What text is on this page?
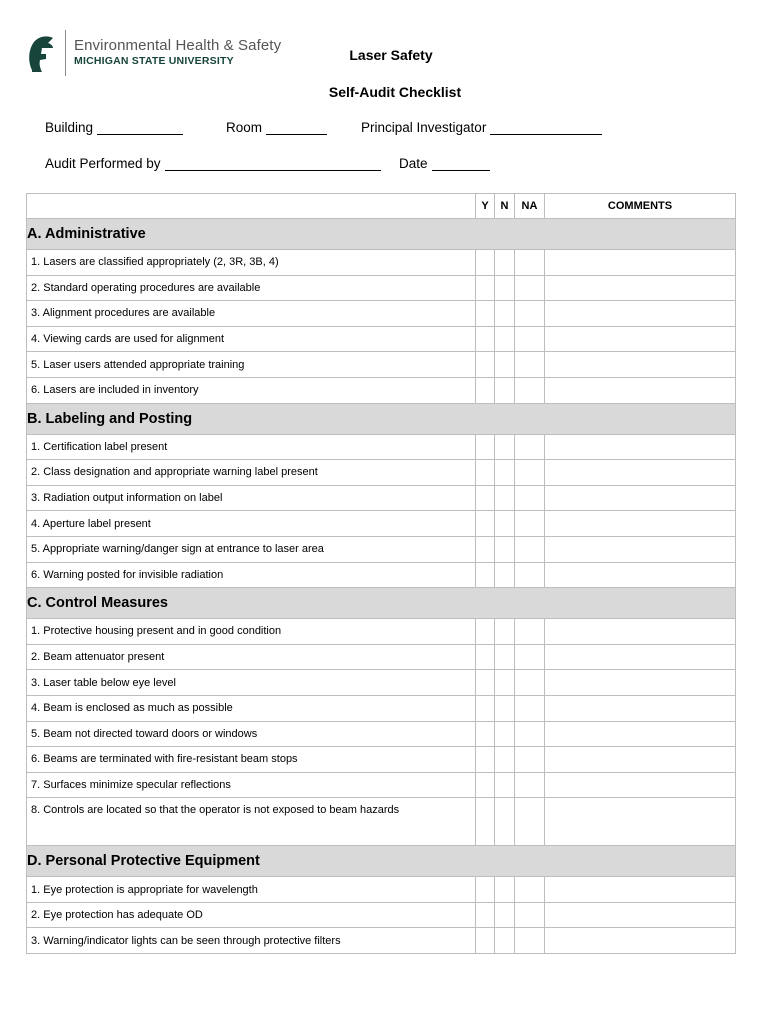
Environmental Health & Safety
MICHIGAN STATE UNIVERSITY	Laser Safety
Self-Audit Checklist
Building	Room	Principal Investigator
Audit Performed by	Date
	Y	N	NA	COMMENTS
A. Administrative				
1. Lasers are classified appropriately (2, 3R, 3B, 4)				
2. Standard operating procedures are available				
3. Alignment procedures are available				
4. Viewing cards are used for alignment				
5. Laser users attended appropriate training				
6. Lasers are included in inventory				
B. Labeling and Posting				
1. Certification label present				
2. Class designation and appropriate warning label present				
3. Radiation output information on label				
4. Aperture label present				
5. Appropriate warning/danger sign at entrance to laser area				
6. Warning posted for invisible radiation				
C. Control Measures				
1. Protective housing present and in good condition				
2. Beam attenuator present				
3. Laser table below eye level				
4. Beam is enclosed as much as possible				
5. Beam not directed toward doors or windows				
6. Beams are terminated with fire-resistant beam stops				
7. Surfaces minimize specular reflections				
8. Controls are located so that the operator is not exposed to beam hazards				
D. Personal Protective Equipment				
1. Eye protection is appropriate for wavelength				
2. Eye protection has adequate OD				
3. Warning/indicator lights can be seen through protective filters				
